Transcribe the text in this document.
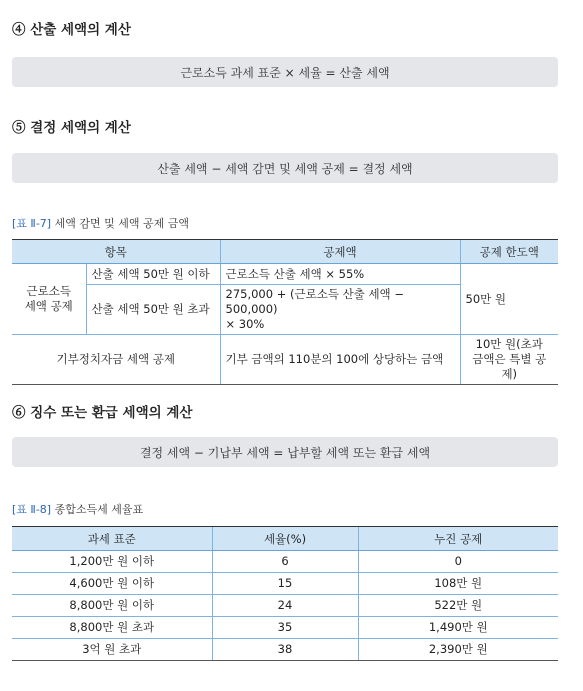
④ 산출 세액의 계산
근로소득 과세 표준 × 세율 = 산출 세액
⑤ 결정 세액의 계산
산출 세액 − 세액 감면 및 세액 공제 = 결정 세액
[표 Ⅱ-7] 세액 감면 및 세액 공제 금액
항목		공제액	공제 한도액

근로소득
세액 공제	산출 세액 50만 원 이하	근로소득 산출 세액 × 55%	50만 원
	산출 세액 50만 원 초과	275,000 + (근로소득 산출 세액 − 500,000)
× 30%	

기부정치자금 세액 공제		기부 금액의 110분의 100에 상당하는 금액	10만 원(초과
금액은 특별 공제)
⑥ 징수 또는 환급 세액의 계산
결정 세액 − 기납부 세액 = 납부할 세액 또는 환급 세액
[표 Ⅱ-8] 종합소득세 세율표
과세 표준	세율(%)	누진 공제
1,200만 원 이하	6	0
4,600만 원 이하	15	108만 원
8,800만 원 이하	24	522만 원
8,800만 원 초과	35	1,490만 원
3억 원 초과	38	2,390만 원
